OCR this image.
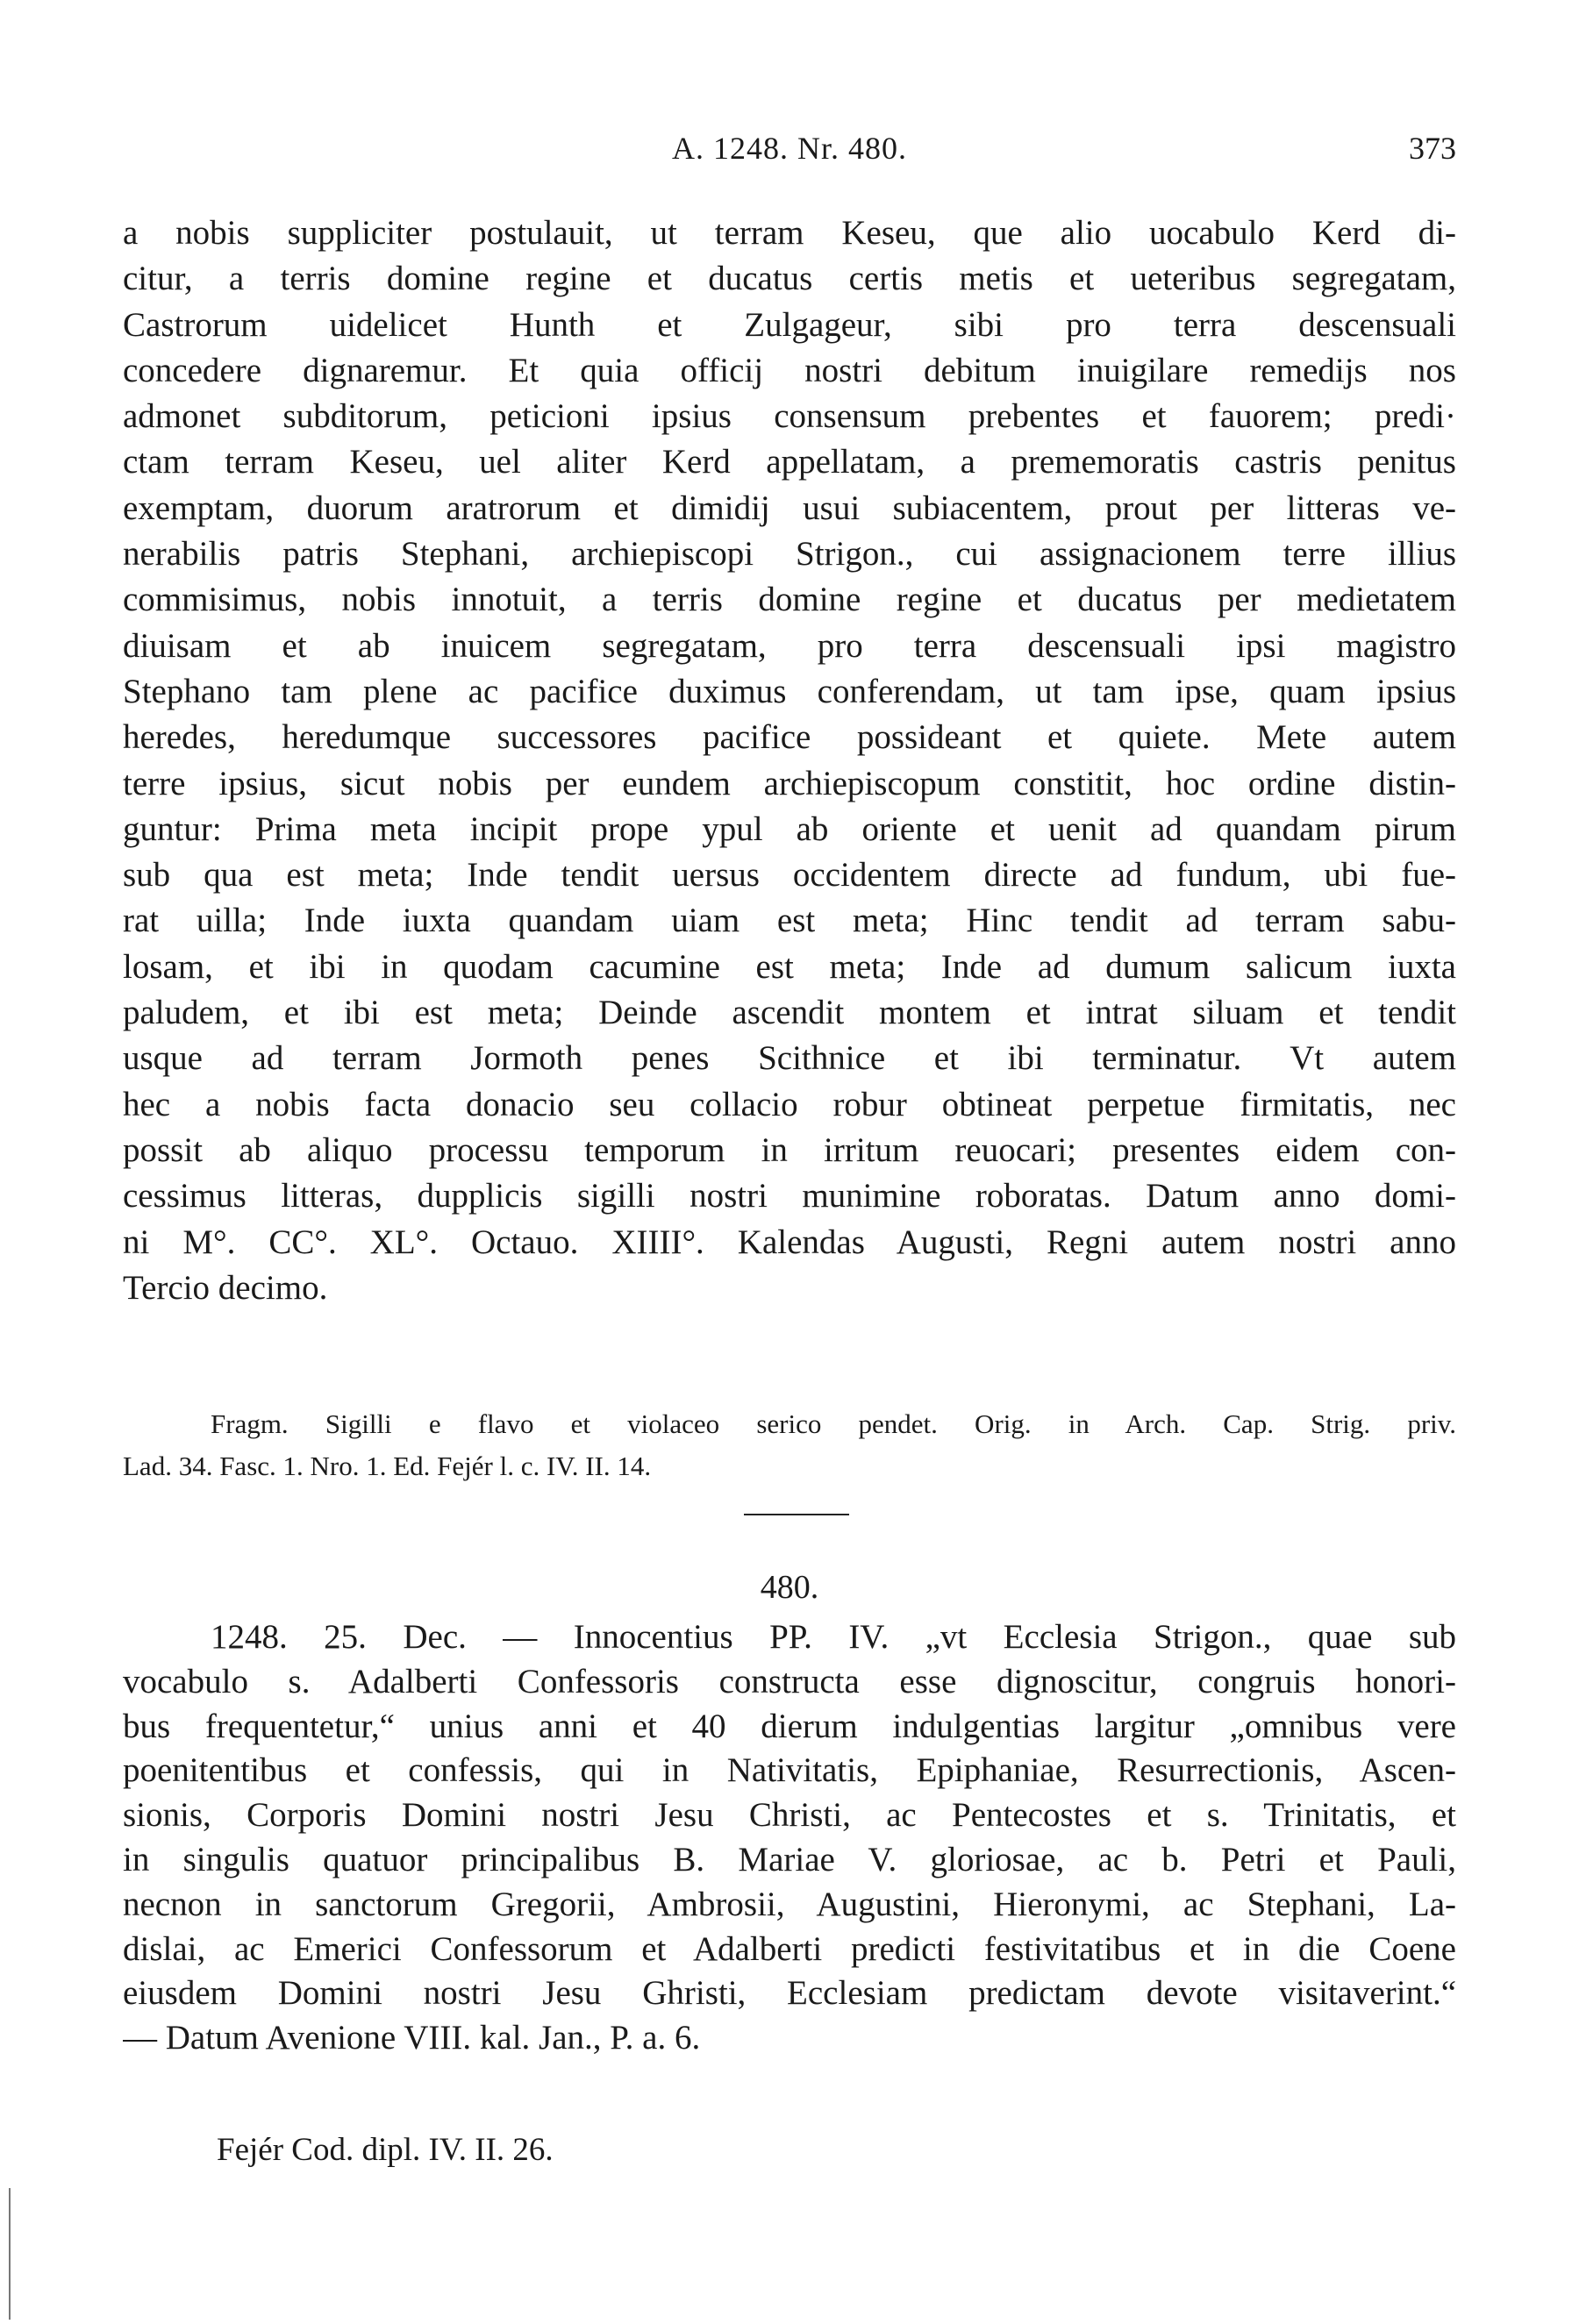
A. 1248. Nr. 480.	373
a nobis suppliciter postulauit, ut terram Keseu, que alio uocabulo Kerd di-
citur, a terris domine regine et ducatus certis metis et ueteribus segregatam,
Castrorum uidelicet Hunth et Zulgageur, sibi pro terra descensuali
concedere dignaremur. Et quia officij nostri debitum inuigilare remedijs nos
admonet subditorum, peticioni ipsius consensum prebentes et fauorem; predi·
ctam terram Keseu, uel aliter Kerd appellatam, a prememoratis castris penitus
exemptam, duorum aratrorum et dimidij usui subiacentem, prout per litteras ve-
nerabilis patris Stephani, archiepiscopi Strigon., cui assignacionem terre illius
commisimus, nobis innotuit, a terris domine regine et ducatus per medietatem
diuisam et ab inuicem segregatam, pro terra descensuali ipsi magistro
Stephano tam plene ac pacifice duximus conferendam, ut tam ipse, quam ipsius
heredes, heredumque successores pacifice possideant et quiete. Mete autem
terre ipsius, sicut nobis per eundem archiepiscopum constitit, hoc ordine distin-
guntur: Prima meta incipit prope ypul ab oriente et uenit ad quandam pirum
sub qua est meta; Inde tendit uersus occidentem directe ad fundum, ubi fue-
rat uilla; Inde iuxta quandam uiam est meta; Hinc tendit ad terram sabu-
losam, et ibi in quodam cacumine est meta; Inde ad dumum salicum iuxta
paludem, et ibi est meta; Deinde ascendit montem et intrat siluam et tendit
usque ad terram Jormoth penes Scithnice et ibi terminatur. Vt autem
hec a nobis facta donacio seu collacio robur obtineat perpetue firmitatis, nec
possit ab aliquo processu temporum in irritum reuocari; presentes eidem con-
cessimus litteras, dupplicis sigilli nostri munimine roboratas. Datum anno domi-
ni M°. CC°. XL°. Octauo. XIIII°. Kalendas Augusti, Regni autem nostri anno
Tercio decimo.
Fragm. Sigilli e flavo et violaceo serico pendet. Orig. in Arch. Cap. Strig. priv.
Lad. 34. Fasc. 1. Nro. 1. Ed. Fejér l. c. IV. II. 14.
480.
1248. 25. Dec. — Innocentius PP. IV. „vt Ecclesia Strigon., quae sub
vocabulo s. Adalberti Confessoris constructa esse dignoscitur, congruis honori-
bus frequentetur,“ unius anni et 40 dierum indulgentias largitur „omnibus vere
poenitentibus et confessis, qui in Nativitatis, Epiphaniae, Resurrectionis, Ascen-
sionis, Corporis Domini nostri Jesu Christi, ac Pentecostes et s. Trinitatis, et
in singulis quatuor principalibus B. Mariae V. gloriosae, ac b. Petri et Pauli,
necnon in sanctorum Gregorii, Ambrosii, Augustini, Hieronymi, ac Stephani, La-
dislai, ac Emerici Confessorum et Adalberti predicti festivitatibus et in die Coene
eiusdem Domini nostri Jesu Ghristi, Ecclesiam predictam devote visitaverint.“
— Datum Avenione VIII. kal. Jan., P. a. 6.
Fejér Cod. dipl. IV. II. 26.
